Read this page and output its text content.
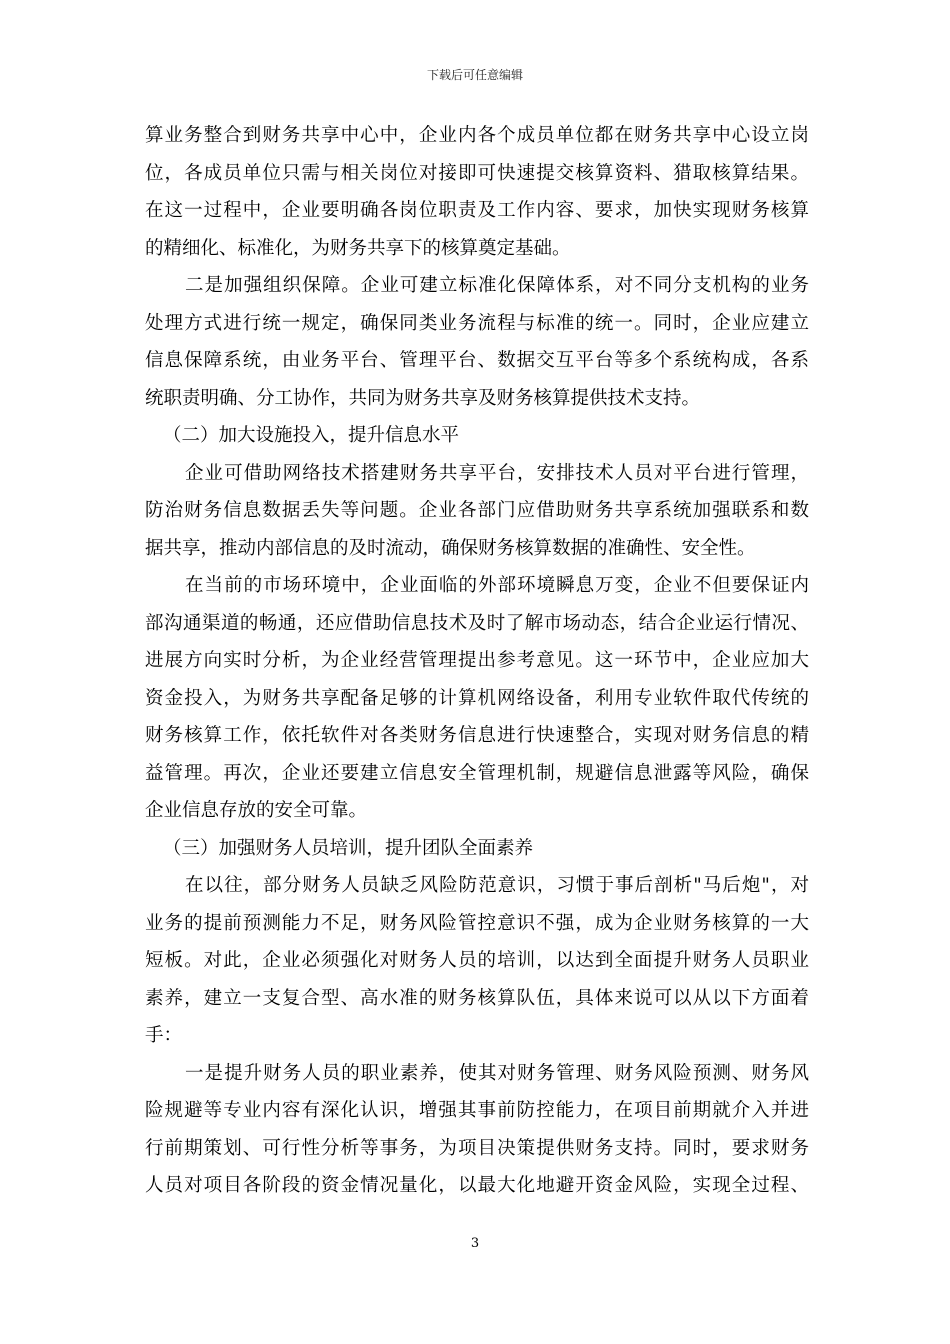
下载后可任意编辑
算业务整合到财务共享中心中，企业内各个成员单位都在财务共享中心设立岗
位，各成员单位只需与相关岗位对接即可快速提交核算资料、猎取核算结果。
在这一过程中，企业要明确各岗位职责及工作内容、要求，加快实现财务核算
的精细化、标准化，为财务共享下的核算奠定基础。
二是加强组织保障。企业可建立标准化保障体系，对不同分支机构的业务
处理方式进行统一规定，确保同类业务流程与标准的统一。同时，企业应建立
信息保障系统，由业务平台、管理平台、数据交互平台等多个系统构成，各系
统职责明确、分工协作，共同为财务共享及财务核算提供技术支持。
（二）加大设施投入，提升信息水平
企业可借助网络技术搭建财务共享平台，安排技术人员对平台进行管理，
防治财务信息数据丢失等问题。企业各部门应借助财务共享系统加强联系和数
据共享，推动内部信息的及时流动，确保财务核算数据的准确性、安全性。
在当前的市场环境中，企业面临的外部环境瞬息万变，企业不但要保证内
部沟通渠道的畅通，还应借助信息技术及时了解市场动态，结合企业运行情况、
进展方向实时分析，为企业经营管理提出参考意见。这一环节中，企业应加大
资金投入，为财务共享配备足够的计算机网络设备，利用专业软件取代传统的
财务核算工作，依托软件对各类财务信息进行快速整合，实现对财务信息的精
益管理。再次，企业还要建立信息安全管理机制，规避信息泄露等风险，确保
企业信息存放的安全可靠。
（三）加强财务人员培训，提升团队全面素养
在以往，部分财务人员缺乏风险防范意识，习惯于事后剖析"马后炮"，对
业务的提前预测能力不足，财务风险管控意识不强，成为企业财务核算的一大
短板。对此，企业必须强化对财务人员的培训，以达到全面提升财务人员职业
素养，建立一支复合型、高水准的财务核算队伍，具体来说可以从以下方面着
手：
一是提升财务人员的职业素养，使其对财务管理、财务风险预测、财务风
险规避等专业内容有深化认识，增强其事前防控能力，在项目前期就介入并进
行前期策划、可行性分析等事务，为项目决策提供财务支持。同时，要求财务
人员对项目各阶段的资金情况量化，以最大化地避开资金风险，实现全过程、
3
